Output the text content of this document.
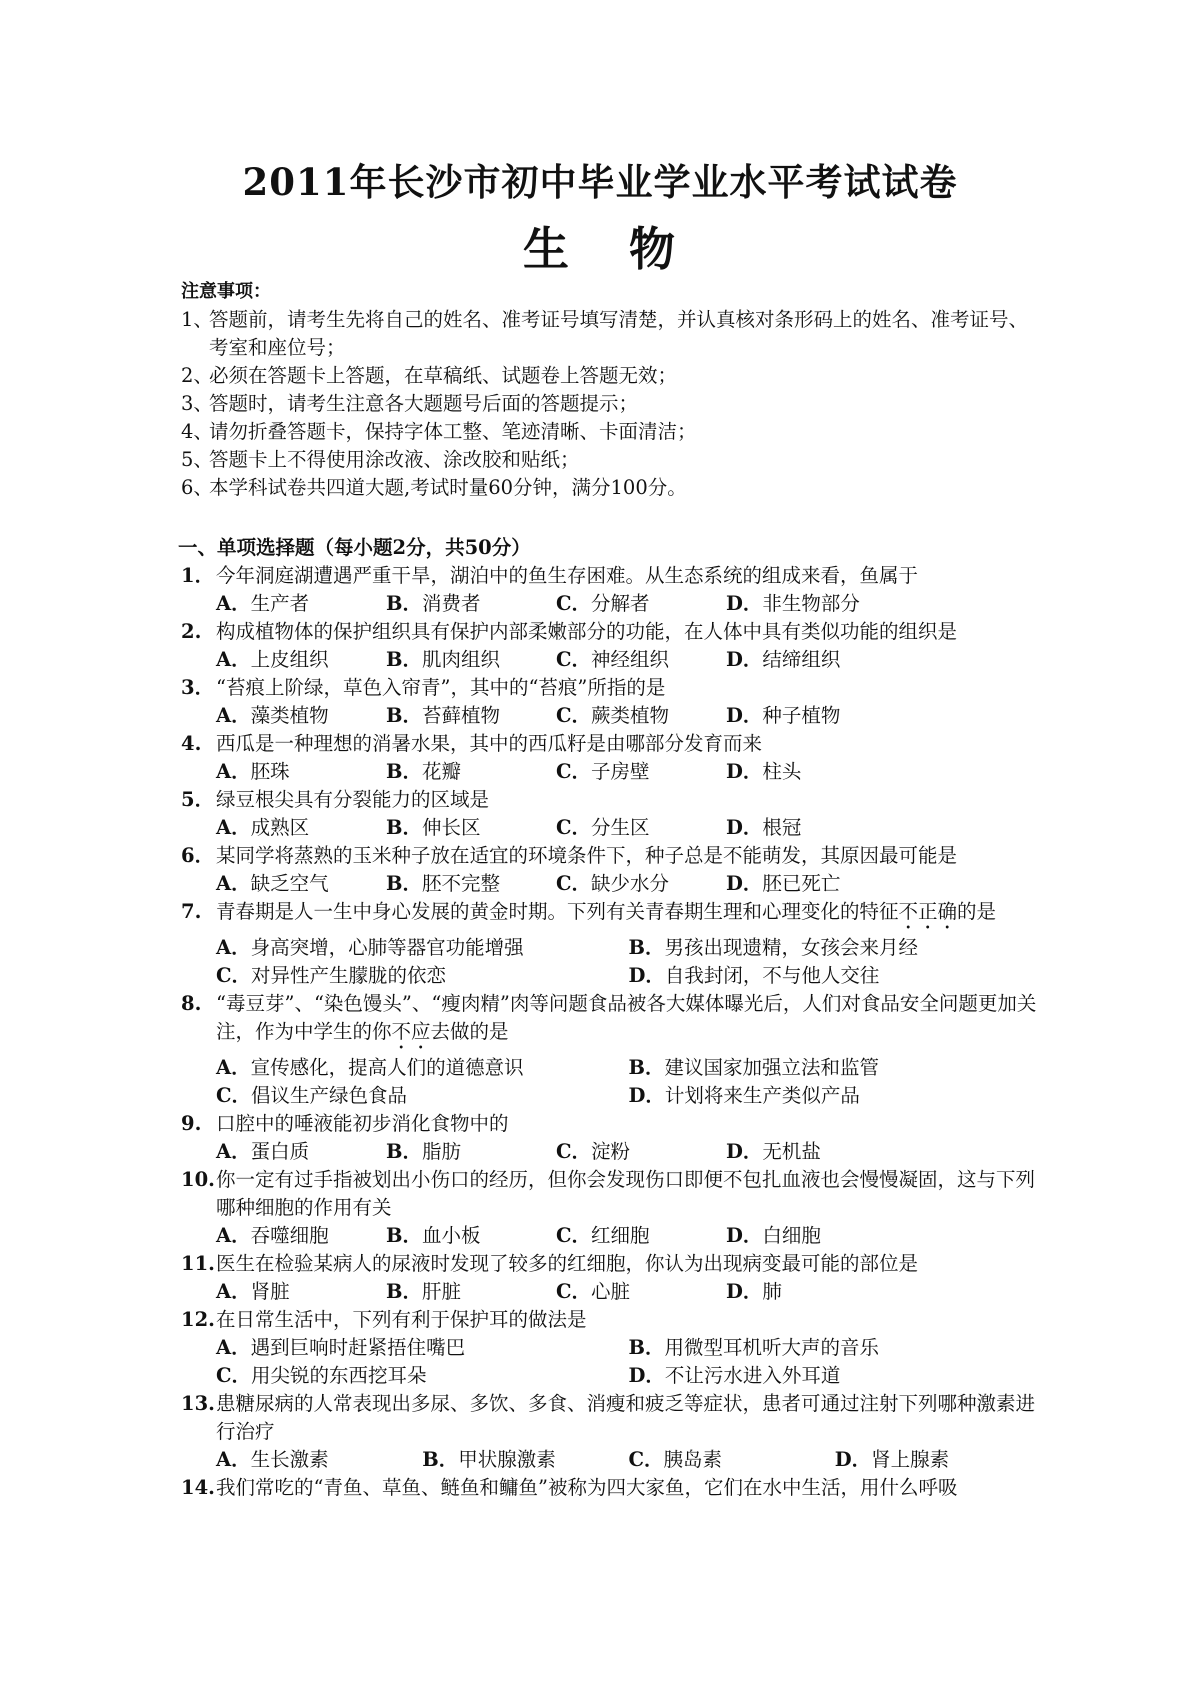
2011年长沙市初中毕业学业水平考试试卷
生 物
注意事项：
1、
答题前，请考生先将自己的姓名、准考证号填写清楚，并认真核对条形码上的姓名、准考证号、考室和座位号；
2、
必须在答题卡上答题，在草稿纸、试题卷上答题无效；
3、
答题时，请考生注意各大题题号后面的答题提示；
4、
请勿折叠答题卡，保持字体工整、笔迹清晰、卡面清洁；
5、
答题卡上不得使用涂改液、涂改胶和贴纸；
6、
本学科试卷共四道大题,考试时量60分钟，满分100分。
一、单项选择题（每小题2分，共50分）
1． 今年洞庭湖遭遇严重干旱，湖泊中的鱼生存困难。从生态系统的组成来看，鱼属于
A．生产者	B．消费者	C．分解者	D．非生物部分
2. 构成植物体的保护组织具有保护内部柔嫩部分的功能，在人体中具有类似功能的组织是
A．上皮组织	B．肌肉组织	C．神经组织	D．结缔组织
3． “苔痕上阶绿，草色入帘青”，其中的“苔痕”所指的是
A．藻类植物	B．苔藓植物	C．蕨类植物	D．种子植物
4. 西瓜是一种理想的消暑水果，其中的西瓜籽是由哪部分发育而来
A．胚珠	B．花瓣	C．子房壁	D．柱头
5． 绿豆根尖具有分裂能力的区域是
A．成熟区	B．伸长区	C．分生区	D．根冠
6． 某同学将蒸熟的玉米种子放在适宜的环境条件下，种子总是不能萌发，其原因最可能是
A．缺乏空气	B．胚不完整	C．缺少水分	D．胚已死亡
7. 青春期是人一生中身心发展的黄金时期。下列有关青春期生理和心理变化的特征不正确的是
A．身高突增，心肺等器官功能增强	B．男孩出现遗精，女孩会来月经
C．对异性产生朦胧的依恋	D．自我封闭，不与他人交往
8. “毒豆芽”、“染色馒头”、“瘦肉精”肉等问题食品被各大媒体曝光后，人们对食品安全问题更加关注，作为中学生的你不应去做的是
A．宣传感化，提高人们的道德意识	B．建议国家加强立法和监管
C．倡议生产绿色食品	D．计划将来生产类似产品
9. 口腔中的唾液能初步消化食物中的
A．蛋白质	B．脂肪	C．淀粉	D．无机盐
10. 你一定有过手指被划出小伤口的经历，但你会发现伤口即便不包扎血液也会慢慢凝固，这与下列哪种细胞的作用有关
A．吞噬细胞	B．血小板	C．红细胞	D．白细胞
11. 医生在检验某病人的尿液时发现了较多的红细胞，你认为出现病变最可能的部位是
A．肾脏	B．肝脏	C．心脏	D．肺
12. 在日常生活中，下列有利于保护耳的做法是
A．遇到巨响时赶紧捂住嘴巴	B．用微型耳机听大声的音乐
C．用尖锐的东西挖耳朵	D．不让污水进入外耳道
13. 患糖尿病的人常表现出多尿、多饮、多食、消瘦和疲乏等症状，患者可通过注射下列哪种激素进行治疗
A．生长激素	B．甲状腺激素	C．胰岛素	D．肾上腺素
14. 我们常吃的“青鱼、草鱼、鲢鱼和鳙鱼”被称为四大家鱼，它们在水中生活，用什么呼吸
